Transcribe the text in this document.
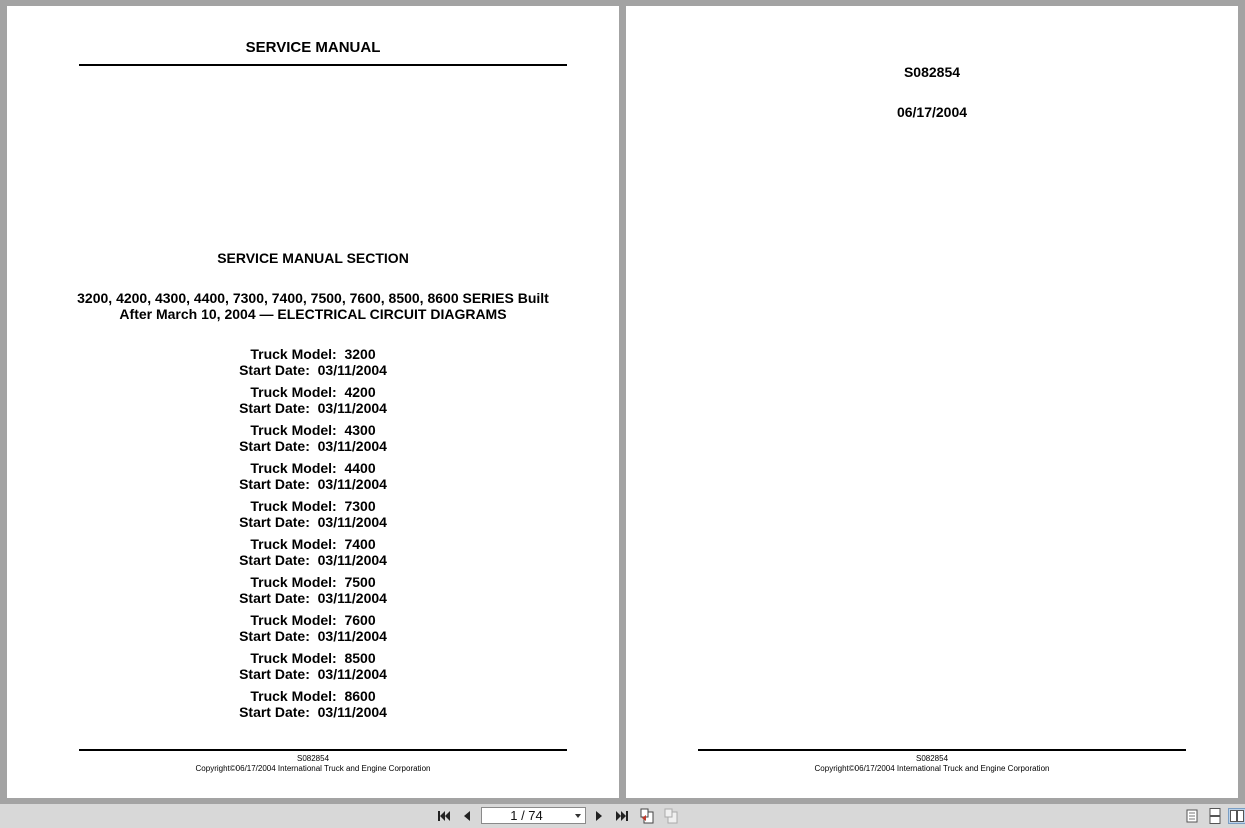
SERVICE MANUAL
SERVICE MANUAL SECTION
3200, 4200, 4300, 4400, 7300, 7400, 7500, 7600, 8500, 8600 SERIES Built
After March 10, 2004 — ELECTRICAL CIRCUIT DIAGRAMS
Truck Model:  3200
Start Date:  03/11/2004
Truck Model:  4200
Start Date:  03/11/2004
Truck Model:  4300
Start Date:  03/11/2004
Truck Model:  4400
Start Date:  03/11/2004
Truck Model:  7300
Start Date:  03/11/2004
Truck Model:  7400
Start Date:  03/11/2004
Truck Model:  7500
Start Date:  03/11/2004
Truck Model:  7600
Start Date:  03/11/2004
Truck Model:  8500
Start Date:  03/11/2004
Truck Model:  8600
Start Date:  03/11/2004
S082854
Copyright©06/17/2004 International Truck and Engine Corporation
S082854
06/17/2004
S082854
Copyright©06/17/2004 International Truck and Engine Corporation
1 / 74
